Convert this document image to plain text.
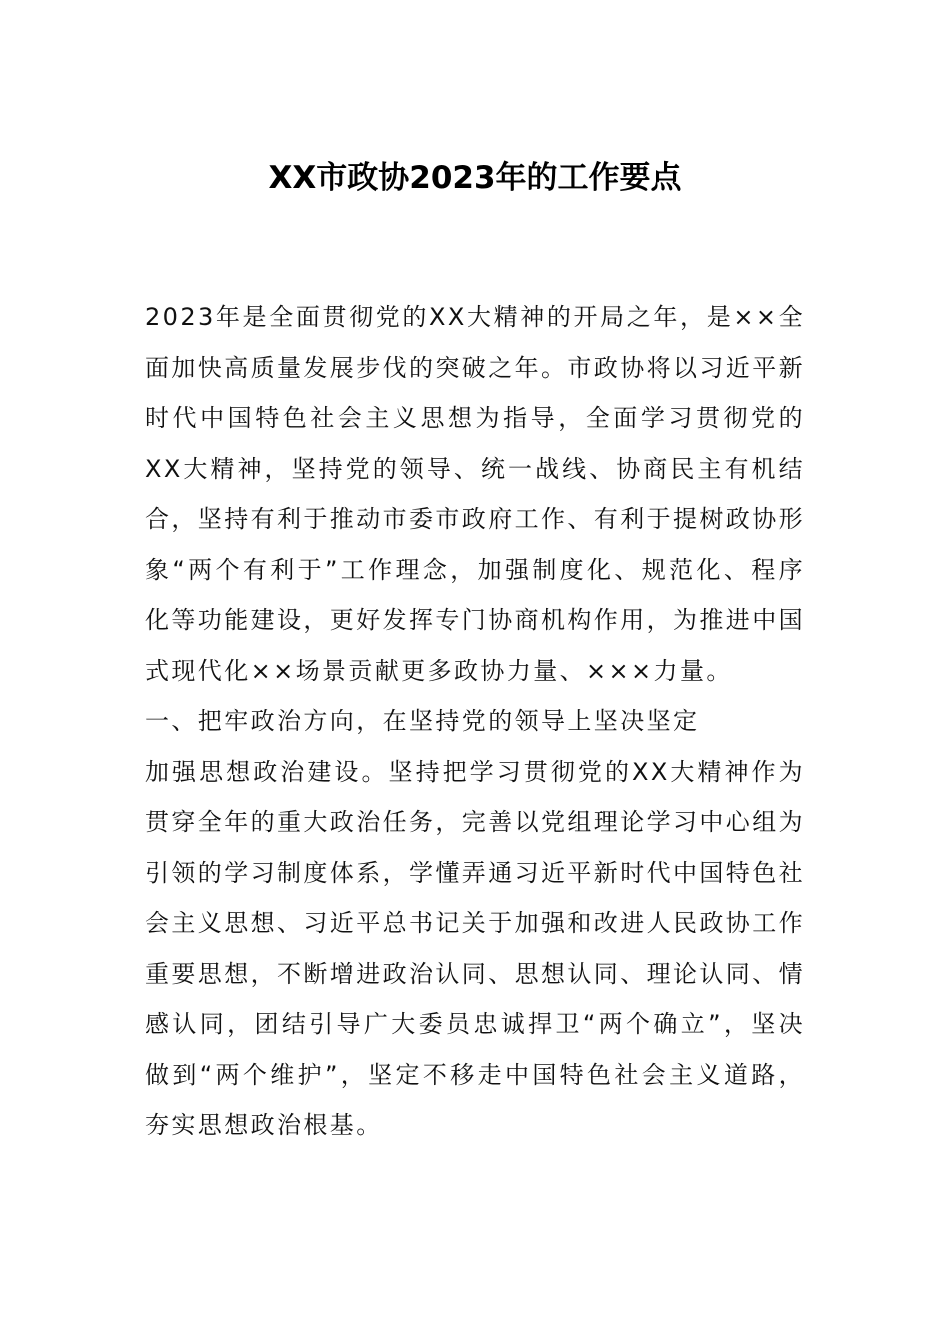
XX市政协2023年的工作要点

2023年是全面贯彻党的XX大精神的开局之年，是××全面加快高质量发展步伐的突破之年。市政协将以习近平新时代中国特色社会主义思想为指导，全面学习贯彻党的XX大精神，坚持党的领导、统一战线、协商民主有机结合，坚持有利于推动市委市政府工作、有利于提树政协形象“两个有利于”工作理念，加强制度化、规范化、程序化等功能建设，更好发挥专门协商机构作用，为推进中国式现代化××场景贡献更多政协力量、×××力量。

一、把牢政治方向，在坚持党的领导上坚决坚定

加强思想政治建设。坚持把学习贯彻党的XX大精神作为贯穿全年的重大政治任务，完善以党组理论学习中心组为引领的学习制度体系，学懂弄通习近平新时代中国特色社会主义思想、习近平总书记关于加强和改进人民政协工作重要思想，不断增进政治认同、思想认同、理论认同、情感认同，团结引导广大委员忠诚捍卫“两个确立”，坚决做到“两个维护”，坚定不移走中国特色社会主义道路，夯实思想政治根基。
